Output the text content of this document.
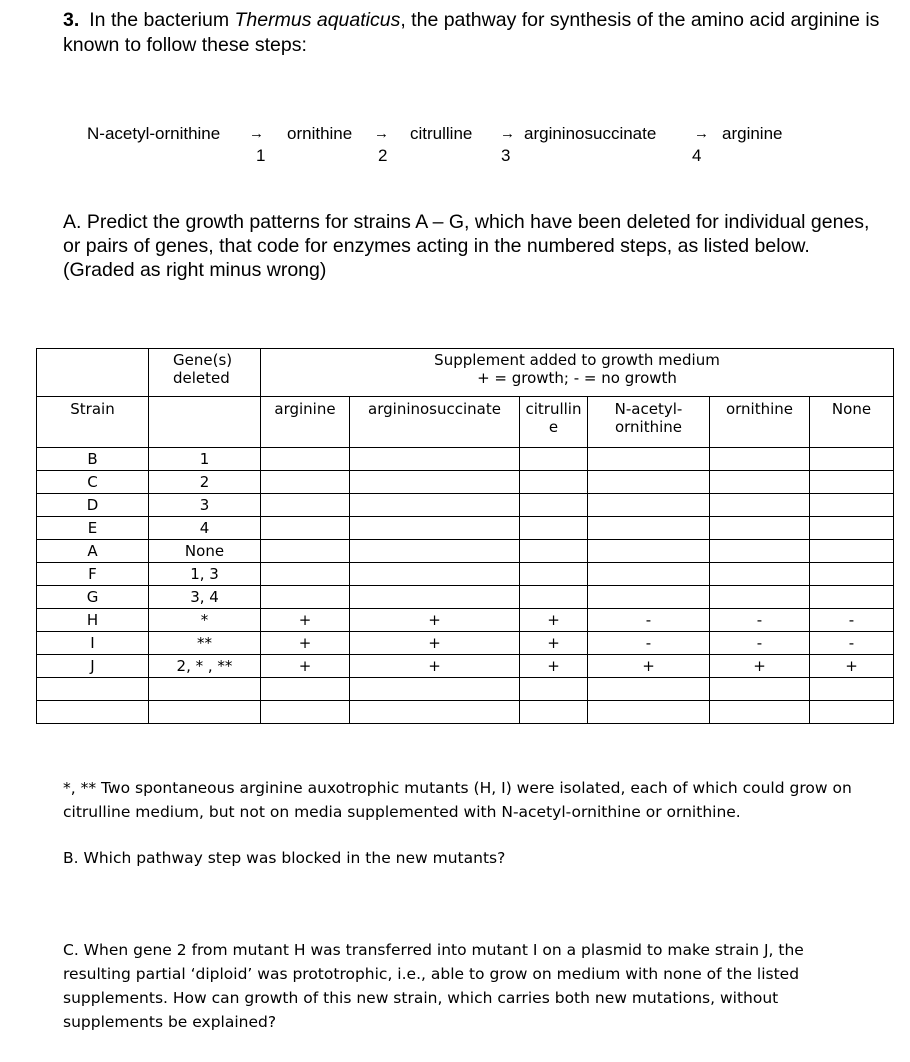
3. In the bacterium Thermus aquaticus, the pathway for synthesis of the amino acid arginine is known to follow these steps:
N-acetyl-ornithine →
1
ornithine →
2
citrulline →
3
argininosuccinate	→
4
arginine
A. Predict the growth patterns for strains A – G, which have been deleted for individual genes, or pairs of genes, that code for enzymes acting in the numbered steps, as listed below. (Graded as right minus wrong)
	Gene(s) deleted	Supplement added to growth medium
+ = growth; - = no growth					

Strain		arginine	argininosuccinate	citrullin e	N-acetyl- ornithine	ornithine	None
B	1						
C	2						
D	3						
E	4						
A	None						
F	1, 3						
G	3, 4						
H	*	+	+	+	-	-	-
I	**	+	+	+	-	-	-
J	2, * , **	+	+	+	+	+	+

*, ** Two spontaneous arginine auxotrophic mutants (H, I) were isolated, each of which could grow on citrulline medium, but not on media supplemented with N-acetyl-ornithine or ornithine.
B. Which pathway step was blocked in the new mutants?
C. When gene 2 from mutant H was transferred into mutant I on a plasmid to make strain J, the resulting partial ‘diploid’ was prototrophic, i.e., able to grow on medium with none of the listed supplements. How can growth of this new strain, which carries both new mutations, without supplements be explained?
